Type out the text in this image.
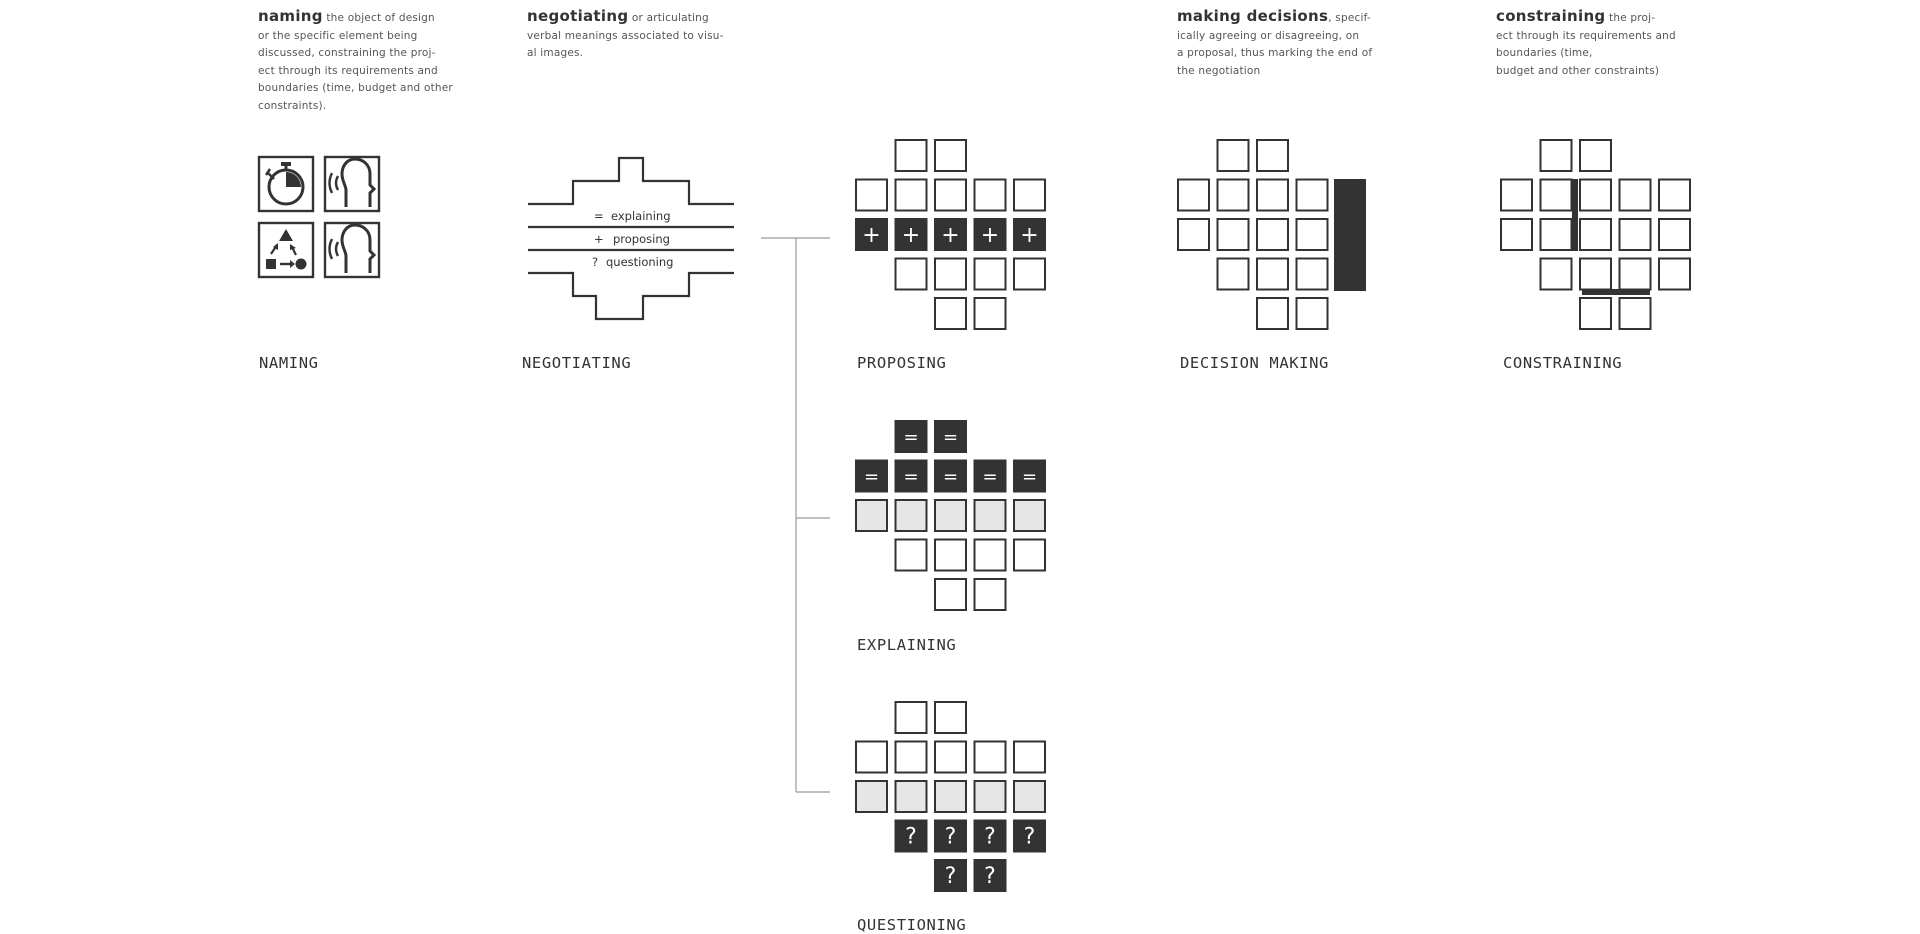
naming the object of design
or the specific element being
discussed, constraining the proj-
ect through its requirements and
boundaries (time, budget and other
constraints).
negotiating or articulating
verbal meanings associated to visu-
al images.
making decisions, specif-
ically agreeing or disagreeing, on
a proposal, thus marking the end of
the negotiation
constraining the proj-
ect through its requirements and
boundaries (time,
budget and other constraints)
= explaining
+ proposing
? questioning
+ + + + +
= =
= = = = =
? ? ? ?
? ?
NAMING	NEGOTIATING	PROPOSING	DECISION MAKING	CONSTRAINING
EXPLAINING
QUESTIONING
